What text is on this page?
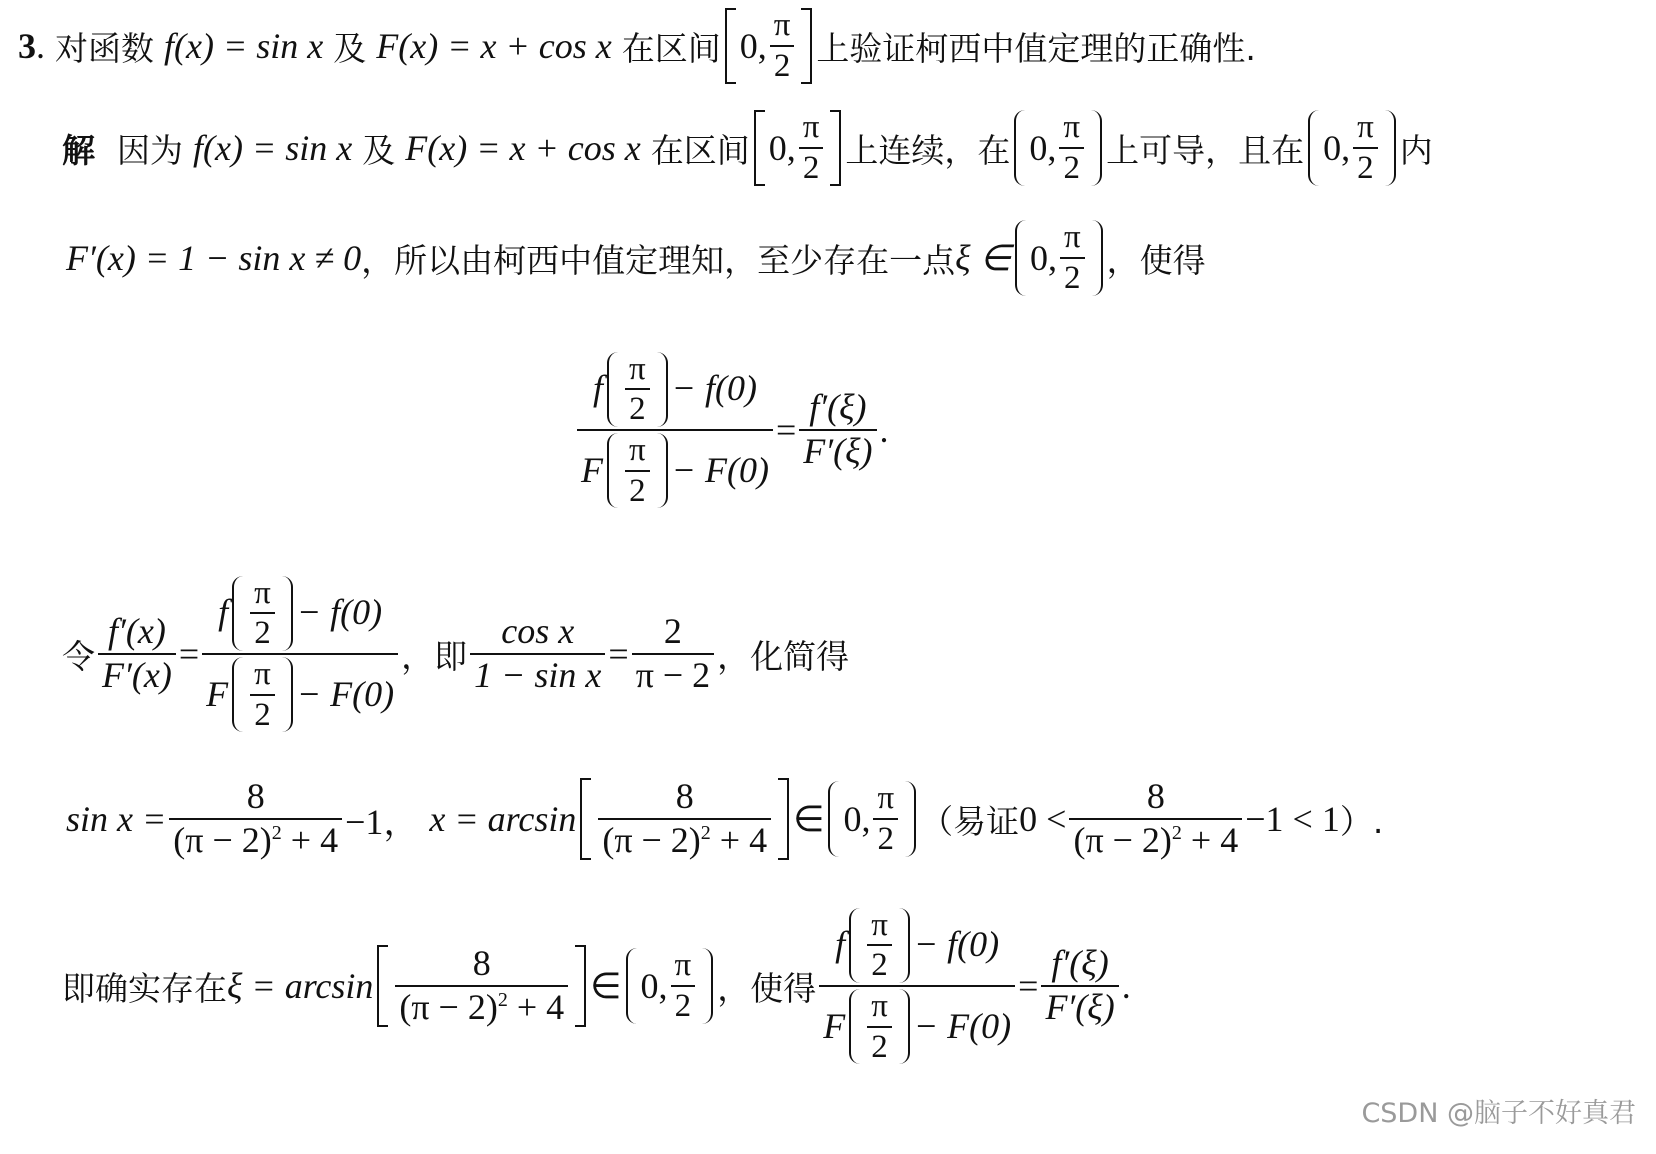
3 . 对函数 f(x) = sin x 及 F(x) = x + cos x 在区间 0, $\frac{\pi}{2}$ 上验证柯西中值定理的正确性.
解 因为 f(x) = sin x 及 F(x) = x + cos x 在区间 0, $\frac{\pi}{2}$ 上连续，在 0, $\frac{\pi}{2}$ 上可导，且在 0, $\frac{\pi}{2}$ 内
F′(x) = 1 − sin x ≠ 0 ，所以由柯西中值定理知，至少存在一点 ξ ∈ 0, $\frac{\pi}{2}$ ，使得
$\frac{f \frac{\pi}{2} - f(0)}{F \frac{\pi}{2} - F(0)} = \frac{f'(\xi)}{F'(\xi)}$ .
令 $\frac{f'(x)}{F'(x)} = \frac{f \frac{\pi}{2} - f(0)}{F \frac{\pi}{2} - F(0)}$ ，即 $\frac{\text{cos x}}{\text{1 − sin x}} = \frac{2}{\pi - 2}$ ，化简得
$\sin x = \frac{8}{(\pi - 2)^2 + 4} -1$， $x = \arcsin \frac{8}{(\pi - 2)^2 + 4}$ ∈ 0, $\frac{\pi}{2}$ （易证 $0 < \frac{8}{(\pi - 2)^2 + 4} -1 < 1$ ）.
即确实存在 $\xi = \arcsin \frac{8}{(\pi - 2)^2 + 4}$ ∈ 0, $\frac{\pi}{2}$ ，使得 $\frac{f \frac{\pi}{2} - f(0)}{F \frac{\pi}{2} - F(0)} = \frac{f'(\xi)}{F'(\xi)}$ .
CSDN @脑子不好真君
